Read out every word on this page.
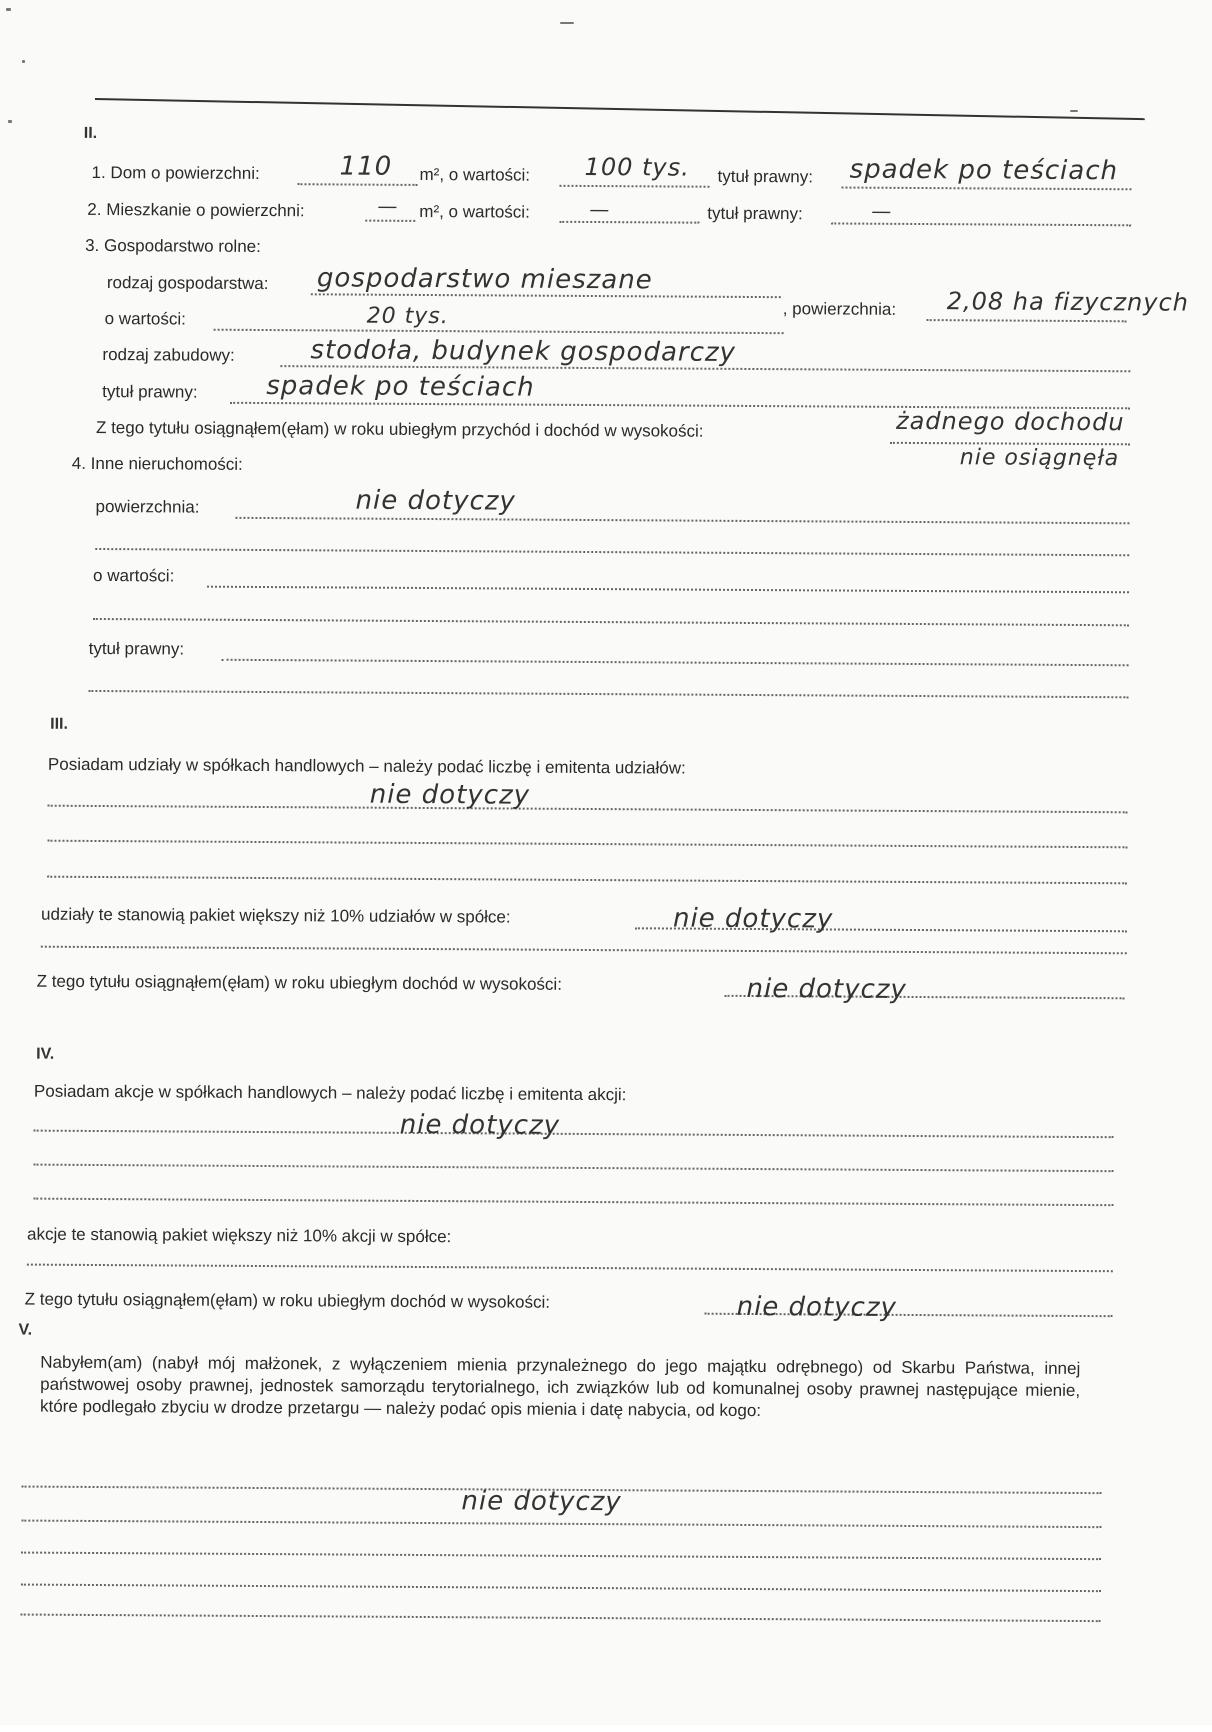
II.
1. Dom o powierzchni:	110 m², o wartości: 100 tys. tytuł prawny: spadek po teściach
2. Mieszkanie o powierzchni:	— m², o wartości:	—	tytuł prawny:	—
3. Gospodarstwo rolne:
rodzaj gospodarstwa: gospodarstwo mieszane
, powierzchnia: 2,08 ha fizycznych
o wartości:	20 tys.
rodzaj zabudowy:	stodoła, budynek gospodarczy
tytuł prawny:	spadek po teściach
Z tego tytułu osiągnąłem(ęłam) w roku ubiegłym przychód i dochód w wysokości:	żadnego dochodu
nie osiągnęła
4. Inne nieruchomości:
powierzchnia:	nie dotyczy
o wartości:
tytuł prawny:
III.
Posiadam udziały w spółkach handlowych – należy podać liczbę i emitenta udziałów:
nie dotyczy
udziały te stanowią pakiet większy niż 10% udziałów w spółce:	nie dotyczy
Z tego tytułu osiągnąłem(ęłam) w roku ubiegłym dochód w wysokości:	nie dotyczy
IV.
Posiadam akcje w spółkach handlowych – należy podać liczbę i emitenta akcji:
nie dotyczy
akcje te stanowią pakiet większy niż 10% akcji w spółce:
Z tego tytułu osiągnąłem(ęłam) w roku ubiegłym dochód w wysokości:	nie dotyczy
V.
Nabyłem(am) (nabył mój małżonek, z wyłączeniem mienia przynależnego do jego majątku odrębnego) od Skarbu Państwa, innej państwowej osoby prawnej, jednostek samorządu terytorialnego, ich związków lub od komunalnej osoby prawnej następujące mienie, które podlegało zbyciu w drodze przetargu — należy podać opis mienia i datę nabycia, od kogo:
nie dotyczy
